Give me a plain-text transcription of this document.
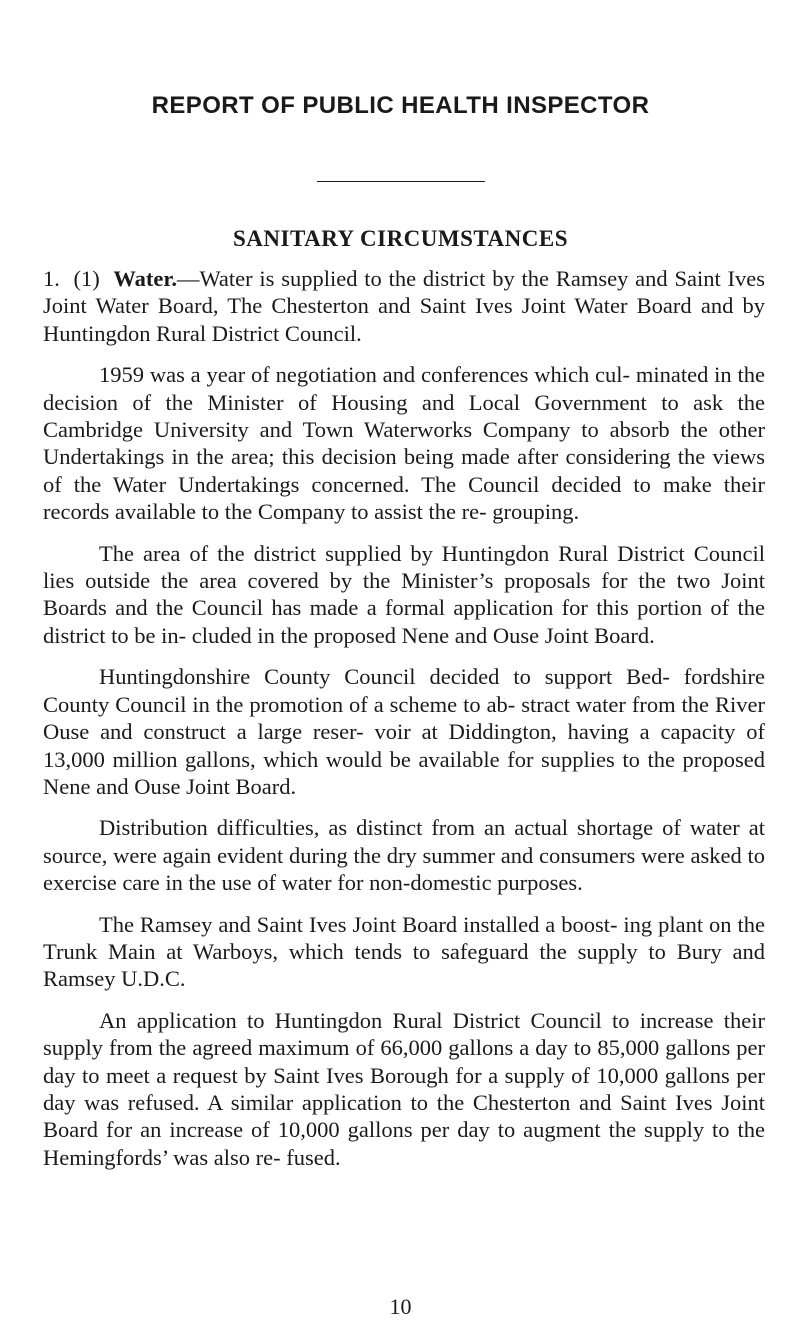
REPORT OF PUBLIC HEALTH INSPECTOR
SANITARY CIRCUMSTANCES

1. (1) Water.—Water is supplied to the district by the Ramsey and Saint Ives Joint Water Board, The Chesterton and Saint Ives Joint Water Board and by Huntingdon Rural District Council.

1959 was a year of negotiation and conferences which cul- minated in the decision of the Minister of Housing and Local Government to ask the Cambridge University and Town Waterworks Company to absorb the other Undertakings in the area; this decision being made after considering the views of the Water Undertakings concerned. The Council decided to make their records available to the Company to assist the re- grouping.

The area of the district supplied by Huntingdon Rural District Council lies outside the area covered by the Minister’s proposals for the two Joint Boards and the Council has made a formal application for this portion of the district to be in- cluded in the proposed Nene and Ouse Joint Board.

Huntingdonshire County Council decided to support Bed- fordshire County Council in the promotion of a scheme to ab- stract water from the River Ouse and construct a large reser- voir at Diddington, having a capacity of 13,000 million gallons, which would be available for supplies to the proposed Nene and Ouse Joint Board.

Distribution difficulties, as distinct from an actual shortage of water at source, were again evident during the dry summer and consumers were asked to exercise care in the use of water for non-domestic purposes.

The Ramsey and Saint Ives Joint Board installed a boost- ing plant on the Trunk Main at Warboys, which tends to safeguard the supply to Bury and Ramsey U.D.C.

An application to Huntingdon Rural District Council to increase their supply from the agreed maximum of 66,000 gallons a day to 85,000 gallons per day to meet a request by Saint Ives Borough for a supply of 10,000 gallons per day was refused. A similar application to the Chesterton and Saint Ives Joint Board for an increase of 10,000 gallons per day to augment the supply to the Hemingfords’ was also re- fused.

10
